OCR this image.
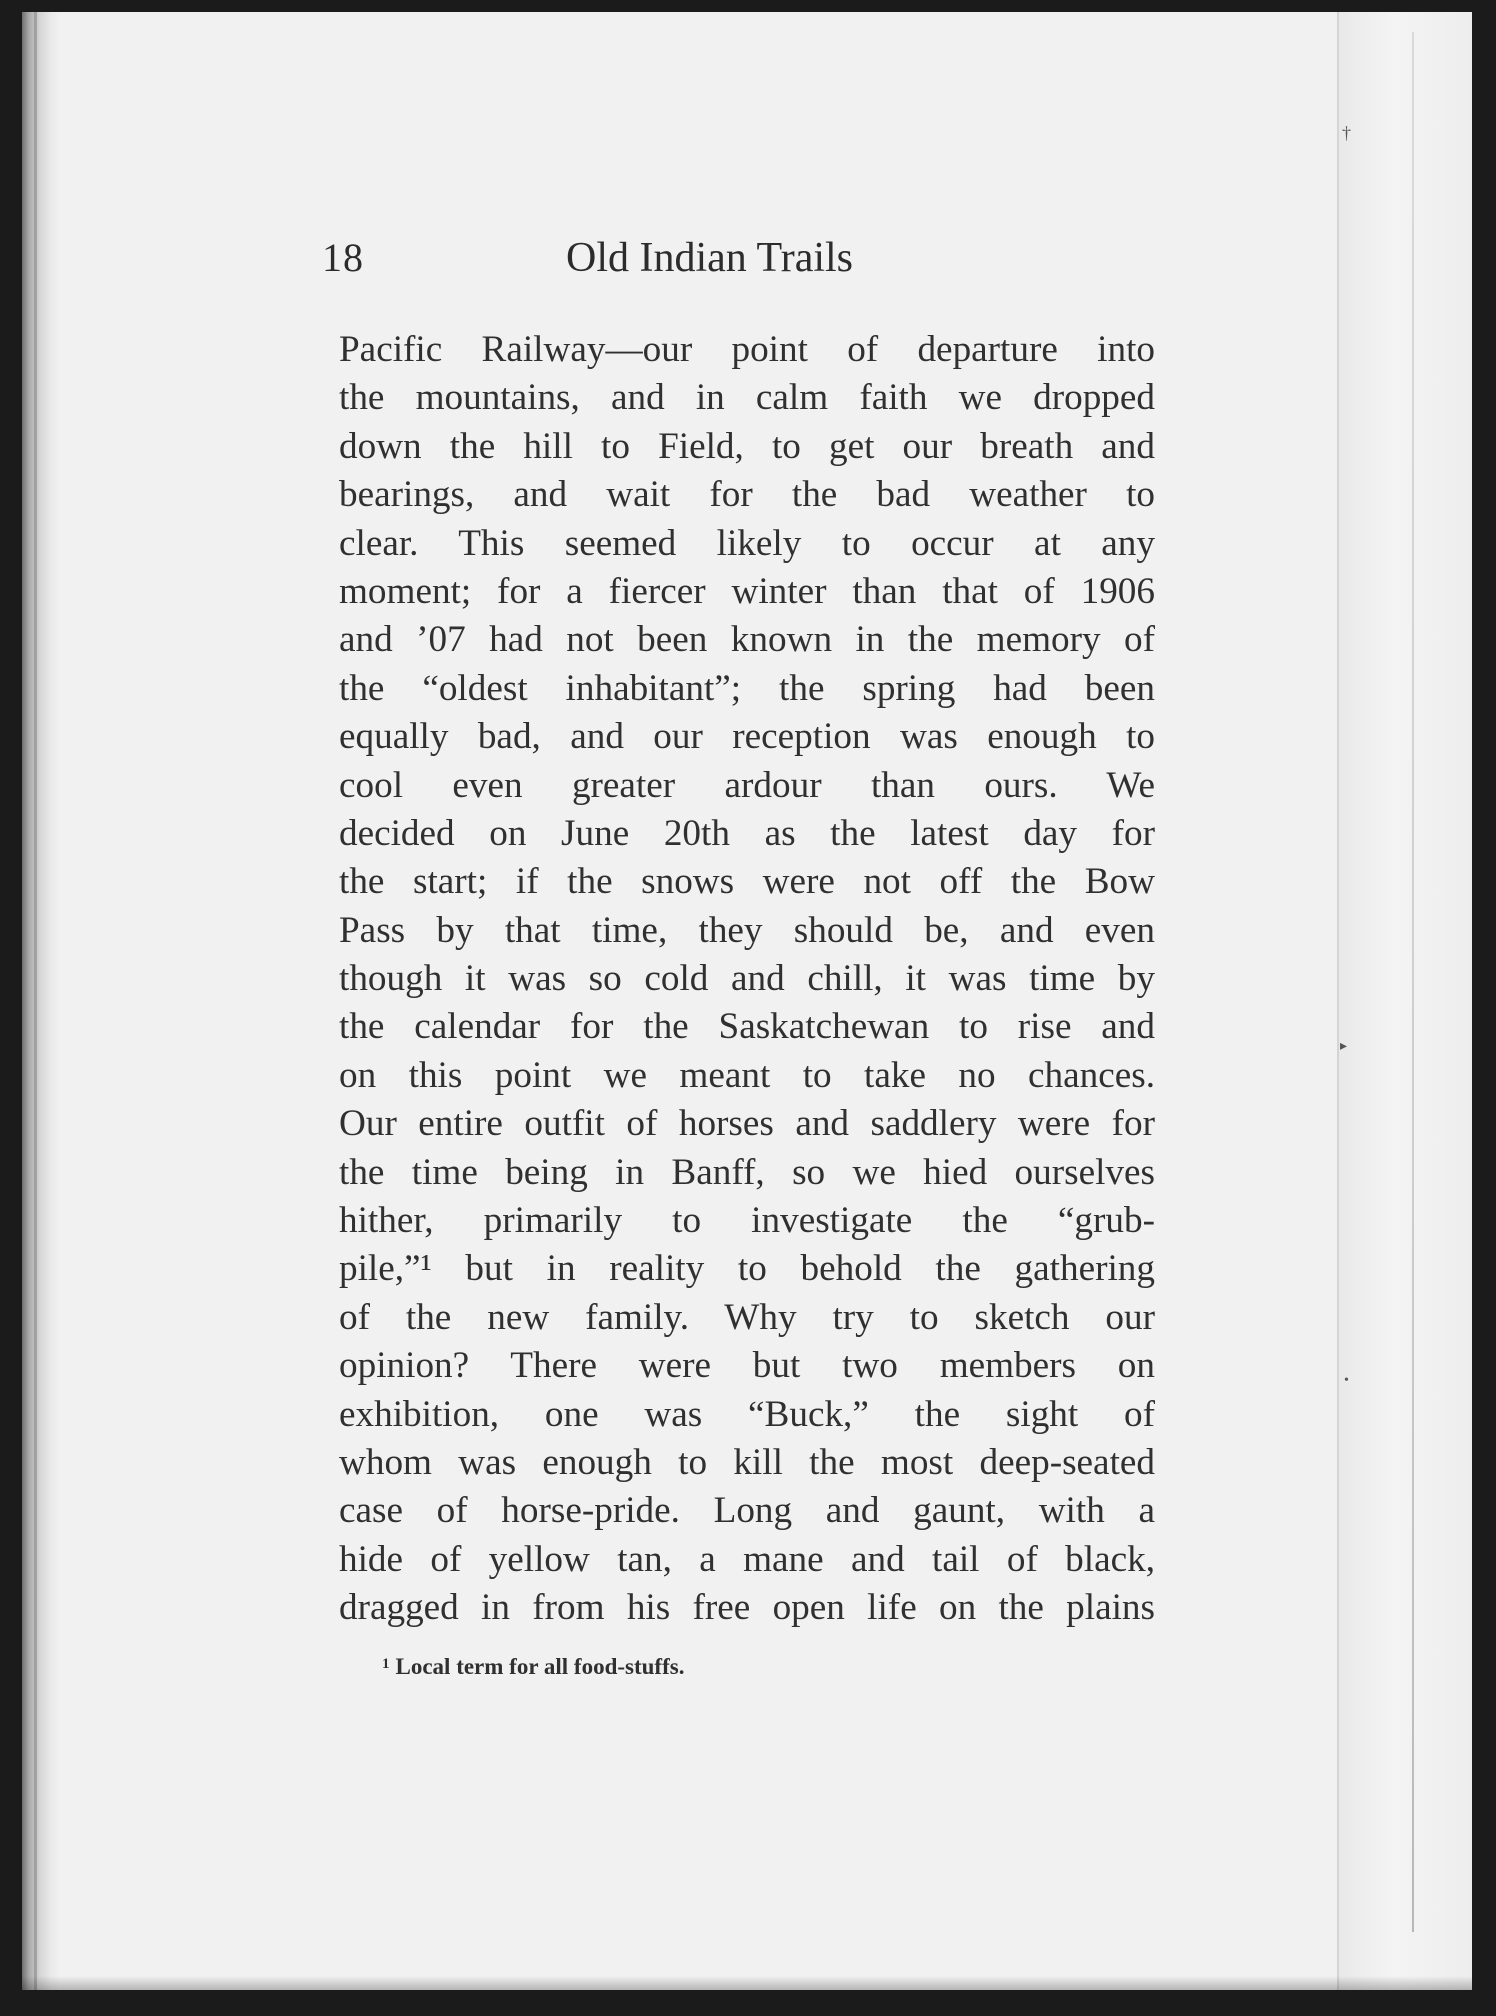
†
▸
•
18	Old Indian Trails
Pacific Railway—our point of departure into
the mountains, and in calm faith we dropped
down the hill to Field, to get our breath and
bearings, and wait for the bad weather to
clear. This seemed likely to occur at any
moment; for a fiercer winter than that of 1906
and ’07 had not been known in the memory of
the “oldest inhabitant”; the spring had been
equally bad, and our reception was enough to
cool even greater ardour than ours. We
decided on June 20th as the latest day for
the start; if the snows were not off the Bow
Pass by that time, they should be, and even
though it was so cold and chill, it was time by
the calendar for the Saskatchewan to rise and
on this point we meant to take no chances.
Our entire outfit of horses and saddlery were for
the time being in Banff, so we hied ourselves
hither, primarily to investigate the “grub-
pile,”¹ but in reality to behold the gathering
of the new family. Why try to sketch our
opinion? There were but two members on
exhibition, one was “Buck,” the sight of
whom was enough to kill the most deep-seated
case of horse-pride. Long and gaunt, with a
hide of yellow tan, a mane and tail of black,
dragged in from his free open life on the plains
$^1$ Local term for all food-stuffs.
